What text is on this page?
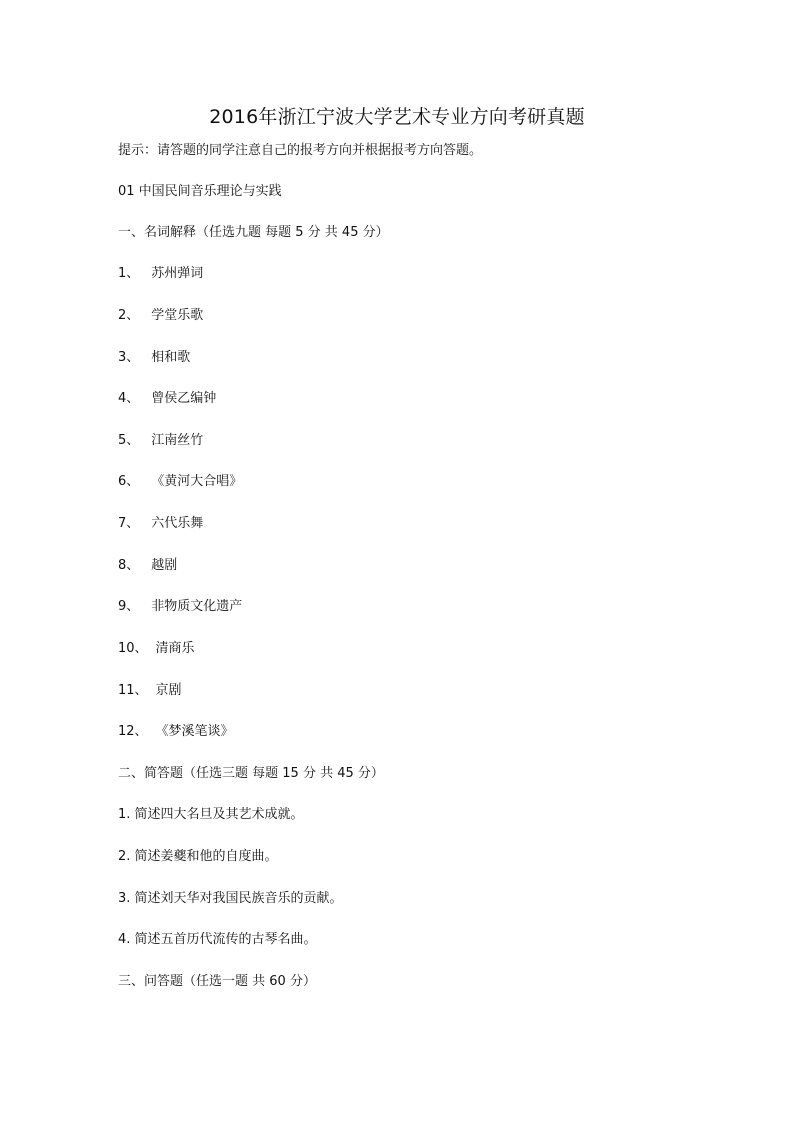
2016年浙江宁波大学艺术专业方向考研真题
提示：请答题的同学注意自己的报考方向并根据报考方向答题。
01 中国民间音乐理论与实践
一、名词解释（任选九题 每题 5 分 共 45 分）
1、 苏州弹词
2、 学堂乐歌
3、 相和歌
4、 曾侯乙编钟
5、 江南丝竹
6、 《黄河大合唱》
7、 六代乐舞
8、 越剧
9、 非物质文化遗产
10、 清商乐
11、 京剧
12、 《梦溪笔谈》
二、简答题（任选三题 每题 15 分 共 45 分）
1. 简述四大名旦及其艺术成就。
2. 简述姜夔和他的自度曲。
3. 简述刘天华对我国民族音乐的贡献。
4. 简述五首历代流传的古琴名曲。
三、问答题（任选一题 共 60 分）
